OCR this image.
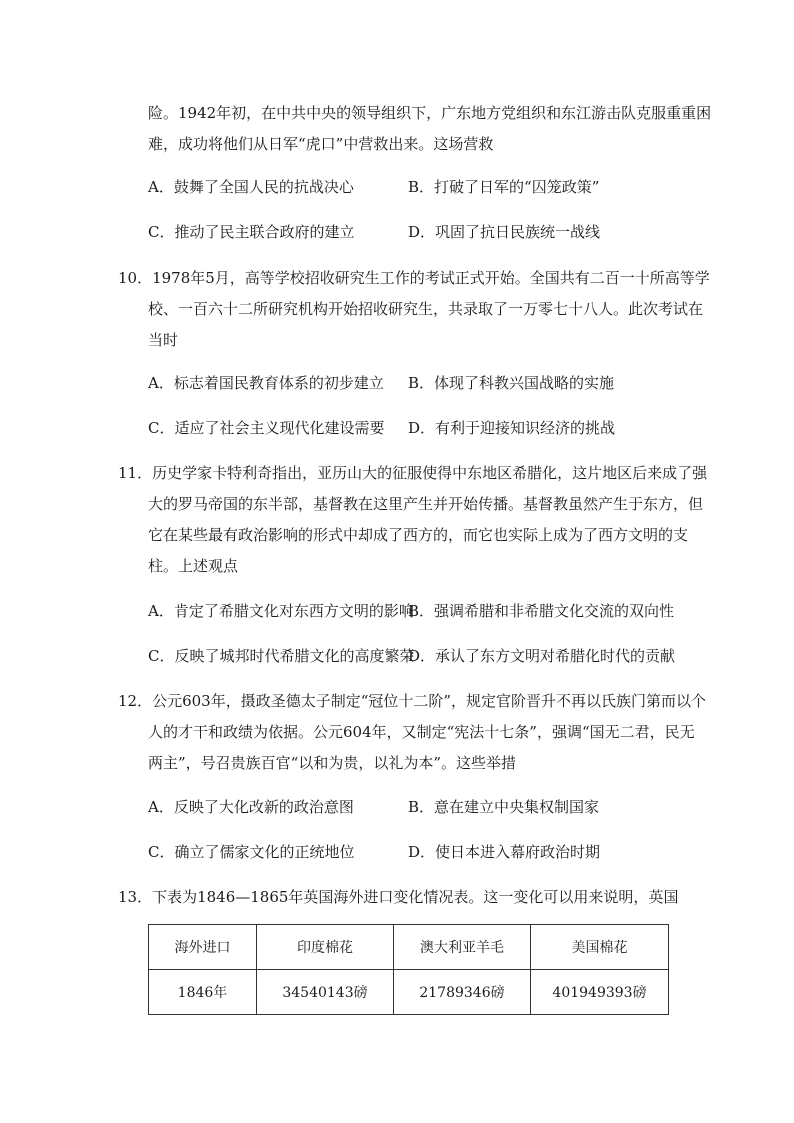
险。1942年初，在中共中央的领导组织下，广东地方党组织和东江游击队克服重重困
难，成功将他们从日军“虎口”中营救出来。这场营救
A．鼓舞了全国人民的抗战决心	B．打破了日军的“囚笼政策”
C．推动了民主联合政府的建立	D．巩固了抗日民族统一战线
10．1978年5月，高等学校招收研究生工作的考试正式开始。全国共有二百一十所高等学
校、一百六十二所研究机构开始招收研究生，共录取了一万零七十八人。此次考试在
当时
A．标志着国民教育体系的初步建立 B．体现了科教兴国战略的实施
C．适应了社会主义现代化建设需要 D．有利于迎接知识经济的挑战
11．历史学家卡特利奇指出，亚历山大的征服使得中东地区希腊化，这片地区后来成了强
大的罗马帝国的东半部，基督教在这里产生并开始传播。基督教虽然产生于东方，但
它在某些最有政治影响的形式中却成了西方的，而它也实际上成为了西方文明的支
柱。上述观点
A．肯定了希腊文化对东西方文明的影响
B．强调希腊和非希腊文化交流的双向性
C．反映了城邦时代希腊文化的高度繁荣
D．承认了东方文明对希腊化时代的贡献
12．公元603年，摄政圣德太子制定“冠位十二阶”，规定官阶晋升不再以氏族门第而以个
人的才干和政绩为依据。公元604年，又制定“宪法十七条”，强调“国无二君，民无
两主”，号召贵族百官“以和为贵，以礼为本”。这些举措
A．反映了大化改新的政治意图	B．意在建立中央集权制国家
C．确立了儒家文化的正统地位	D．使日本进入幕府政治时期
13．下表为1846—1865年英国海外进口变化情况表。这一变化可以用来说明，英国
海外进口	印度棉花	澳大利亚羊毛	美国棉花
1846年	34540143磅	21789346磅	401949393磅
